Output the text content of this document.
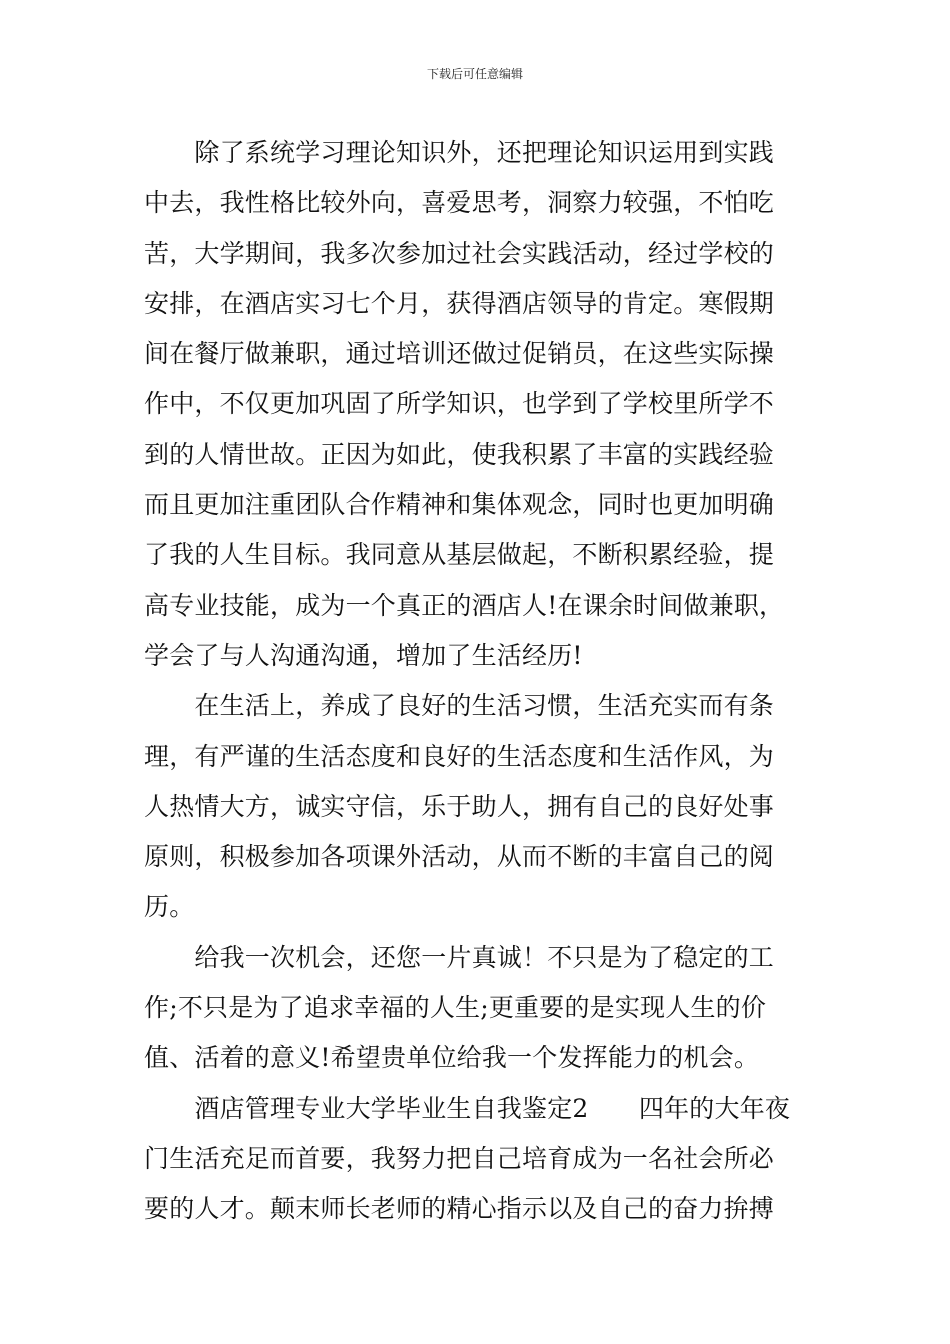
下载后可任意编辑
　　除了系统学习理论知识外，还把理论知识运用到实践
中去，我性格比较外向，喜爱思考，洞察力较强，不怕吃
苦，大学期间，我多次参加过社会实践活动，经过学校的
安排，在酒店实习七个月，获得酒店领导的肯定。寒假期
间在餐厅做兼职，通过培训还做过促销员，在这些实际操
作中，不仅更加巩固了所学知识，也学到了学校里所学不
到的人情世故。正因为如此，使我积累了丰富的实践经验
而且更加注重团队合作精神和集体观念，同时也更加明确
了我的人生目标。我同意从基层做起，不断积累经验，提
高专业技能，成为一个真正的酒店人!在课余时间做兼职，
学会了与人沟通沟通，增加了生活经历!
　　在生活上，养成了良好的生活习惯，生活充实而有条
理，有严谨的生活态度和良好的生活态度和生活作风，为
人热情大方，诚实守信，乐于助人，拥有自己的良好处事
原则，积极参加各项课外活动，从而不断的丰富自己的阅
历。
　　给我一次机会，还您一片真诚！不只是为了稳定的工
作;不只是为了追求幸福的人生;更重要的是实现人生的价
值、活着的意义!希望贵单位给我一个发挥能力的机会。
　　酒店管理专业大学毕业生自我鉴定2　　四年的大年夜
门生活充足而首要，我努力把自己培育成为一名社会所必
要的人才。颠末师长老师的精心指示以及自己的奋力拚搏
